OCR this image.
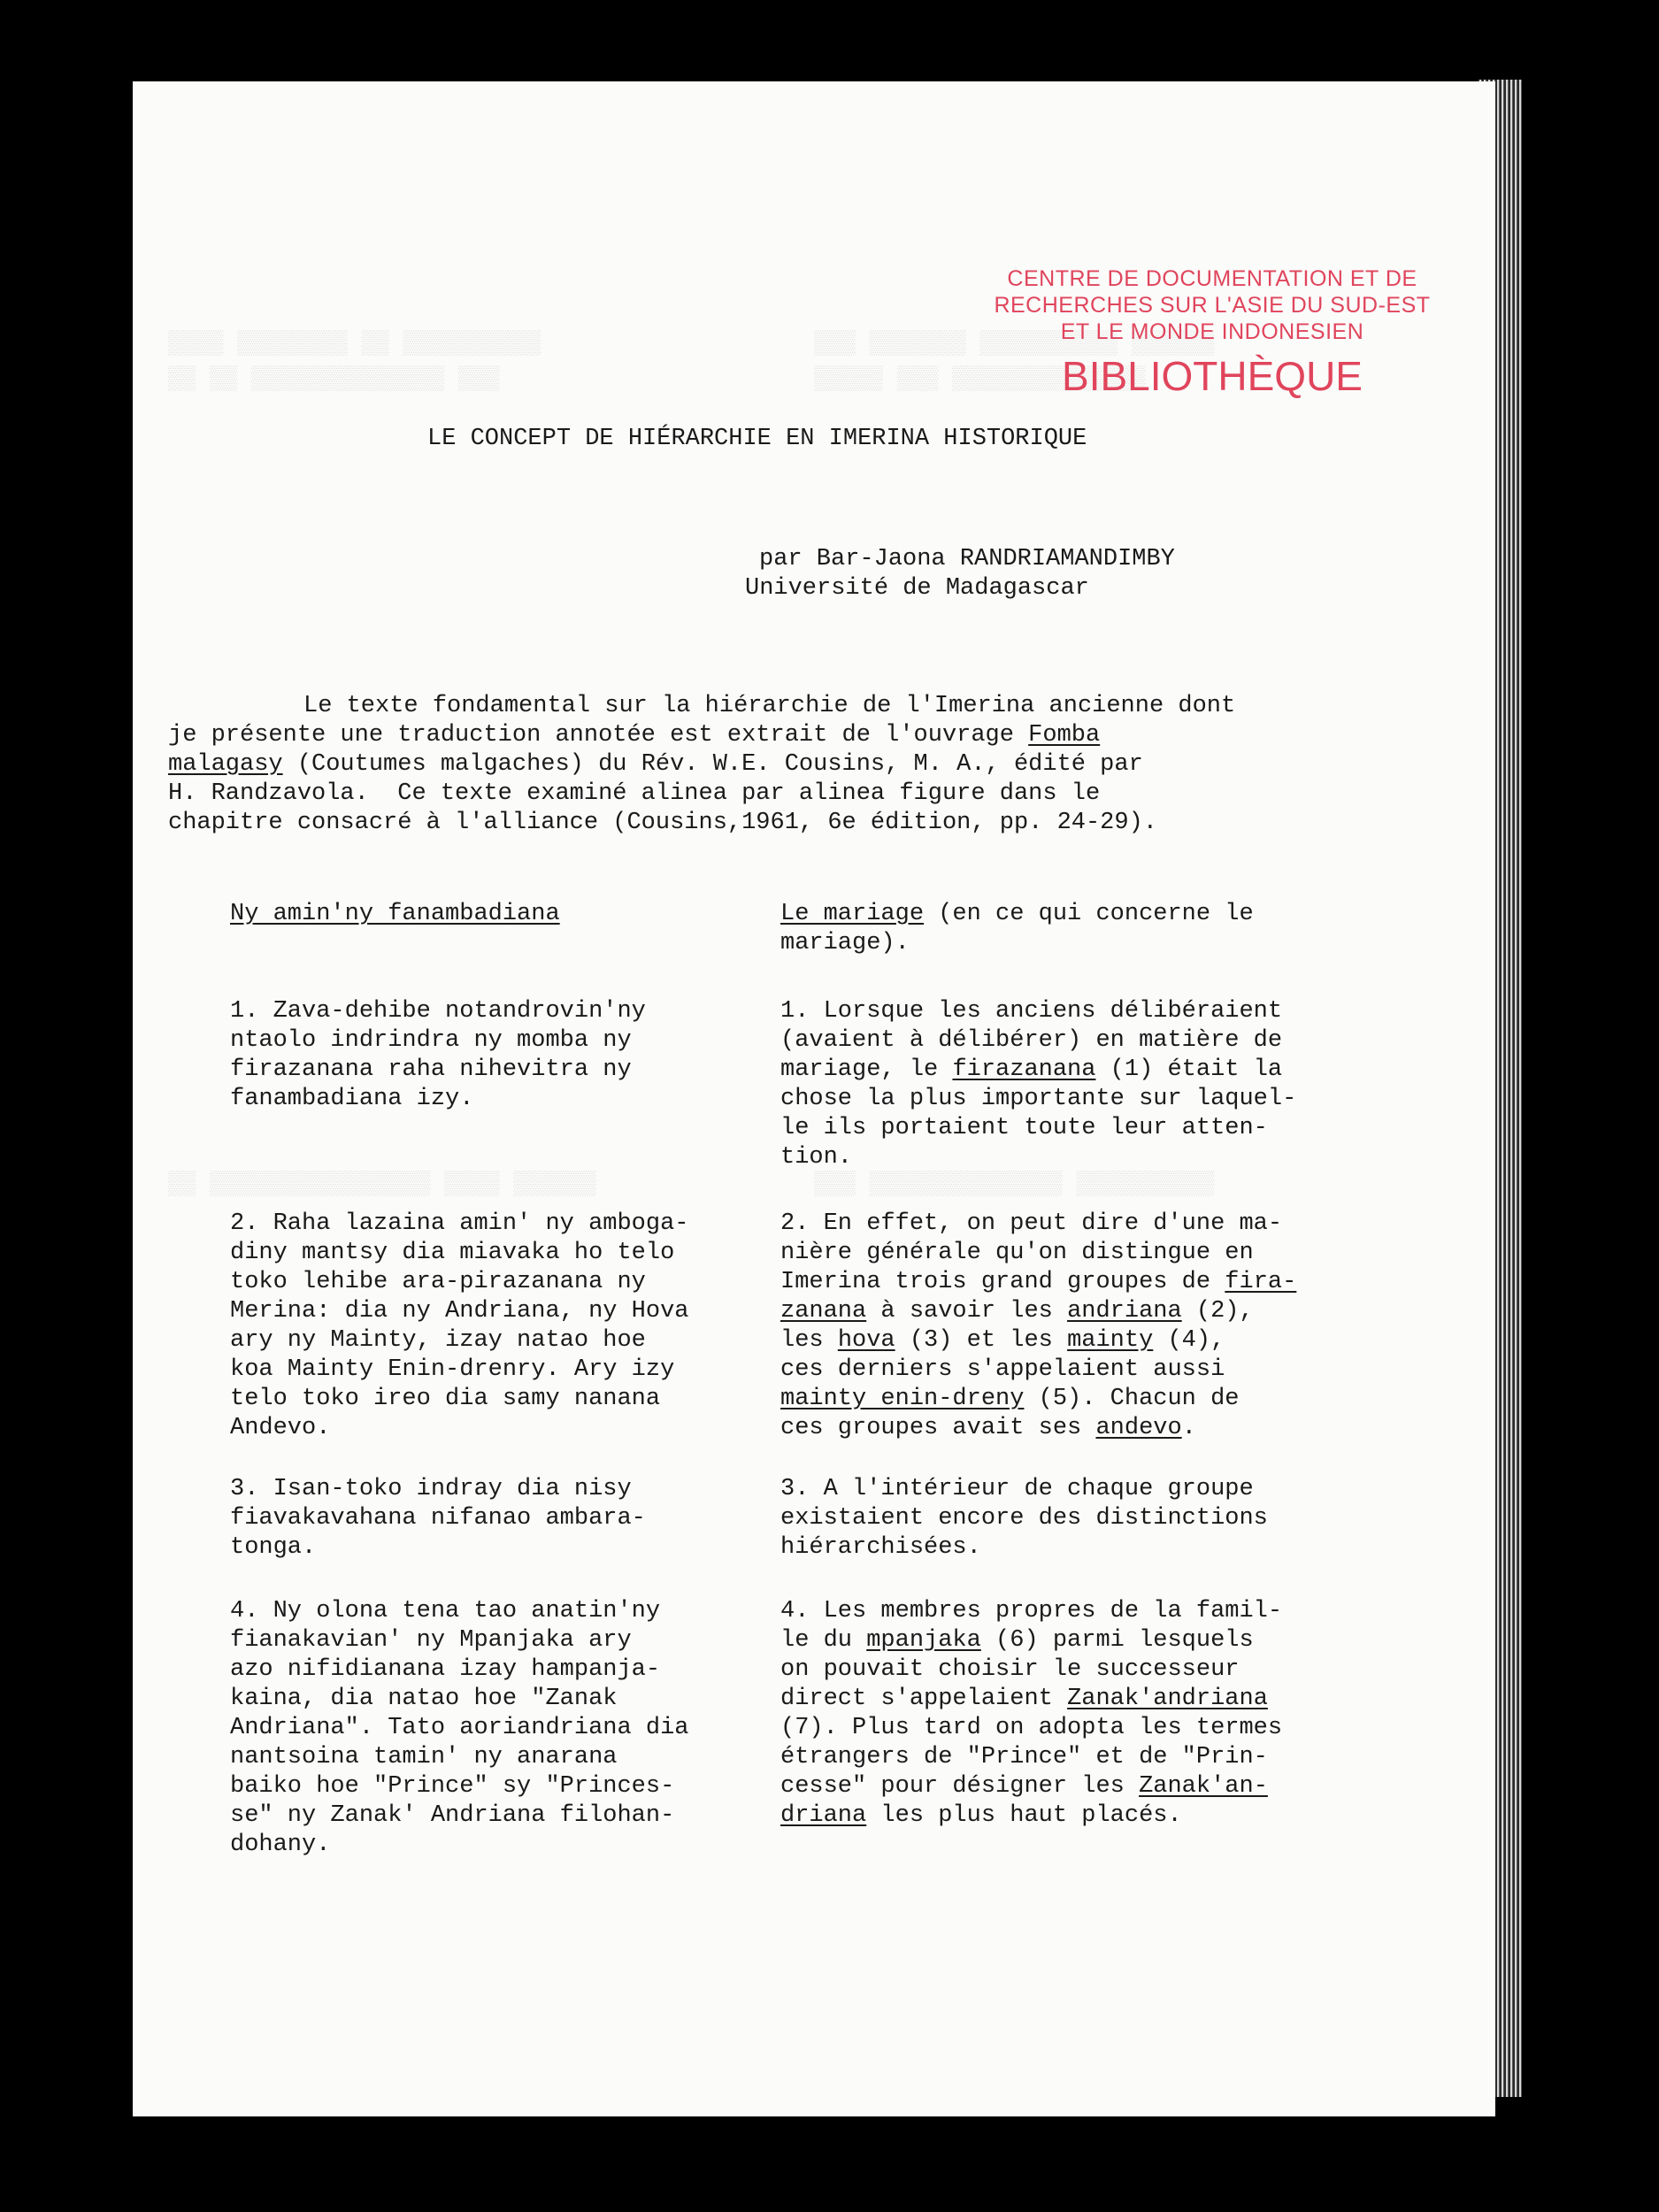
▒▒▒▒ ▒▒▒▒▒▒▒▒ ▒▒ ▒▒▒▒▒▒▒▒▒▒
▒▒ ▒▒ ▒▒▒▒▒▒▒▒▒▒▒▒▒▒ ▒▒▒
▒▒▒ ▒▒▒▒▒▒▒ ▒▒▒▒▒▒▒▒▒▒ ▒▒▒▒▒▒
▒▒▒▒▒ ▒▒▒ ▒▒▒▒▒▒▒▒▒▒▒▒▒▒
▒▒ ▒▒▒▒▒▒▒▒▒▒▒▒▒▒▒▒ ▒▒▒▒ ▒▒▒▒▒▒	▒▒▒ ▒▒▒▒▒▒▒▒▒▒▒▒▒▒ ▒▒▒▒▒▒▒▒▒▒
CENTRE DE DOCUMENTATION ET DE
RECHERCHES SUR L'ASIE DU SUD-EST
ET LE MONDE INDONESIEN
BIBLIOTHÈQUE
LE CONCEPT DE HIÉRARCHIE EN IMERINA HISTORIQUE
par Bar-Jaona RANDRIAMANDIMBY
Université de Madagascar
Le texte fondamental sur la hiérarchie de l'Imerina ancienne dont
je présente une traduction annotée est extrait de l'ouvrage Fomba
malagasy (Coutumes malgaches) du Rév. W.E. Cousins, M. A., édité par
H. Randzavola.  Ce texte examiné alinea par alinea figure dans le
chapitre consacré à l'alliance (Cousins,1961, 6e édition, pp. 24-29).
Ny amin'ny fanambadiana
1. Zava-dehibe notandrovin'ny
ntaolo indrindra ny momba ny
firazanana raha nihevitra ny
fanambadiana izy.
2. Raha lazaina amin' ny amboga-
diny mantsy dia miavaka ho telo
toko lehibe ara-pirazanana ny
Merina: dia ny Andriana, ny Hova
ary ny Mainty, izay natao hoe
koa Mainty Enin-drenry. Ary izy
telo toko ireo dia samy nanana
Andevo.
3. Isan-toko indray dia nisy
fiavakavahana nifanao ambara-
tonga.
4. Ny olona tena tao anatin'ny
fianakavian' ny Mpanjaka ary
azo nifidianana izay hampanja-
kaina, dia natao hoe "Zanak
Andriana". Tato aoriandriana dia
nantsoina tamin' ny anarana
baiko hoe "Prince" sy "Princes-
se" ny Zanak' Andriana filohan-
dohany.
Le mariage (en ce qui concerne le
mariage).
1. Lorsque les anciens délibéraient
(avaient à délibérer) en matière de
mariage, le firazanana (1) était la
chose la plus importante sur laquel-
le ils portaient toute leur atten-
tion.
2. En effet, on peut dire d'une ma-
nière générale qu'on distingue en
Imerina trois grand groupes de fira-
zanana à savoir les andriana (2),
les hova (3) et les mainty (4),
ces derniers s'appelaient aussi
mainty enin-dreny (5). Chacun de
ces groupes avait ses andevo.
3. A l'intérieur de chaque groupe
existaient encore des distinctions
hiérarchisées.
4. Les membres propres de la famil-
le du mpanjaka (6) parmi lesquels
on pouvait choisir le successeur
direct s'appelaient Zanak'andriana
(7). Plus tard on adopta les termes
étrangers de "Prince" et de "Prin-
cesse" pour désigner les Zanak'an-
driana les plus haut placés.
